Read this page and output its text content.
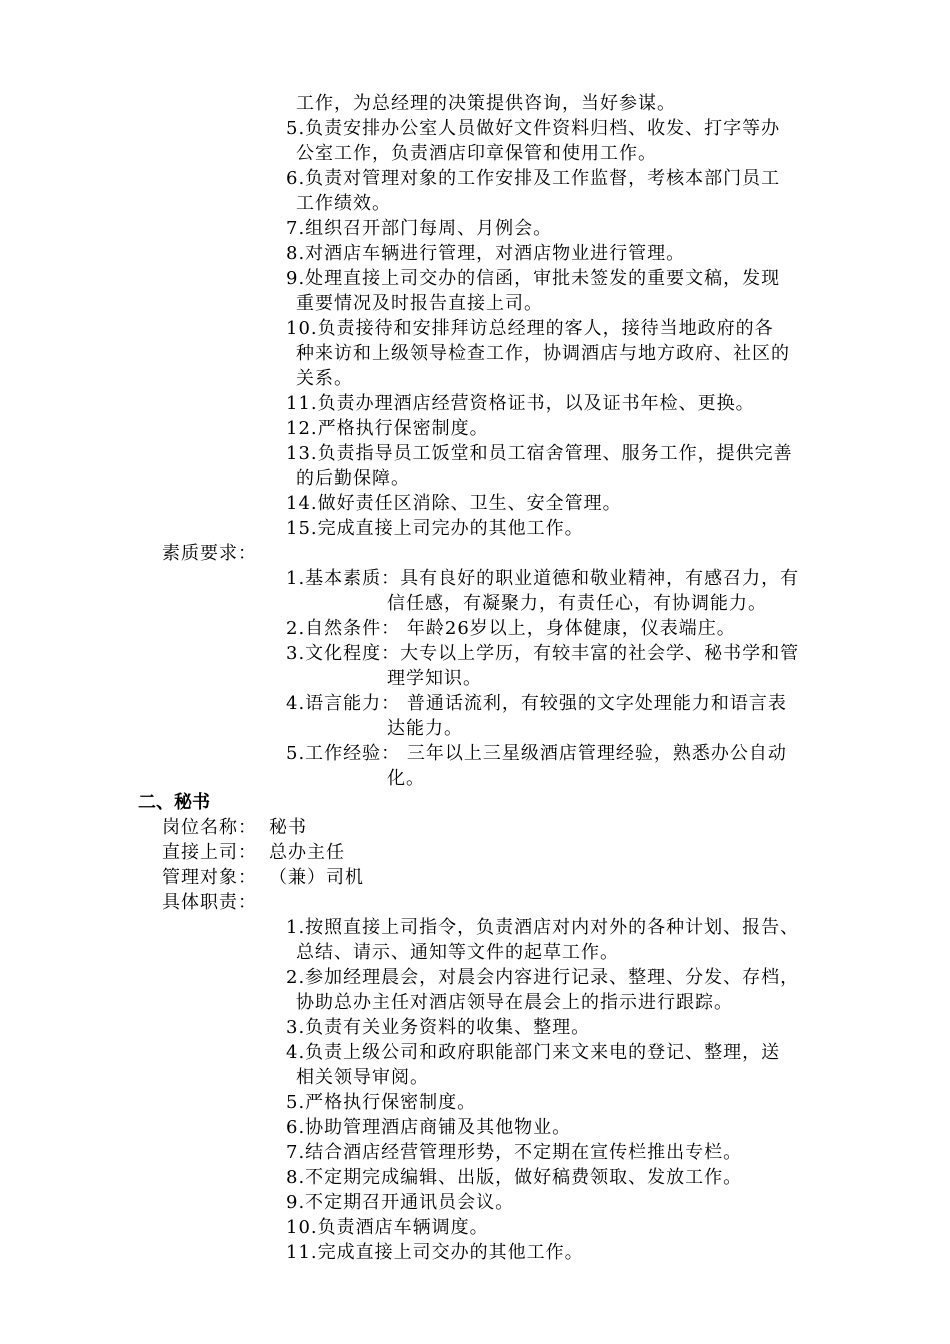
工作，为总经理的决策提供咨询，当好参谋。
5.负责安排办公室人员做好文件资料归档、收发、打字等办
公室工作，负责酒店印章保管和使用工作。
6.负责对管理对象的工作安排及工作监督，考核本部门员工
工作绩效。
7.组织召开部门每周、月例会。
8.对酒店车辆进行管理，对酒店物业进行管理。
9.处理直接上司交办的信函，审批未签发的重要文稿，发现
重要情况及时报告直接上司。
10.负责接待和安排拜访总经理的客人，接待当地政府的各
种来访和上级领导检查工作，协调酒店与地方政府、社区的
关系。
11.负责办理酒店经营资格证书，以及证书年检、更换。
12.严格执行保密制度。
13.负责指导员工饭堂和员工宿舍管理、服务工作，提供完善
的后勤保障。
14.做好责任区消除、卫生、安全管理。
15.完成直接上司完办的其他工作。
素质要求：
1.基本素质：具有良好的职业道德和敬业精神，有感召力，有
信任感，有凝聚力，有责任心，有协调能力。
2.自然条件： 年龄26岁以上，身体健康，仪表端庄。
3.文化程度：大专以上学历，有较丰富的社会学、秘书学和管
理学知识。
4.语言能力： 普通话流利，有较强的文字处理能力和语言表
达能力。
5.工作经验： 三年以上三星级酒店管理经验，熟悉办公自动
化。
二、秘书
岗位名称： 秘书
直接上司： 总办主任
管理对象： （兼）司机
具体职责：
1.按照直接上司指令，负责酒店对内对外的各种计划、报告、
总结、请示、通知等文件的起草工作。
2.参加经理晨会，对晨会内容进行记录、整理、分发、存档，
协助总办主任对酒店领导在晨会上的指示进行跟踪。
3.负责有关业务资料的收集、整理。
4.负责上级公司和政府职能部门来文来电的登记、整理，送
相关领导审阅。
5.严格执行保密制度。
6.协助管理酒店商铺及其他物业。
7.结合酒店经营管理形势，不定期在宣传栏推出专栏。
8.不定期完成编辑、出版，做好稿费领取、发放工作。
9.不定期召开通讯员会议。
10.负责酒店车辆调度。
11.完成直接上司交办的其他工作。
